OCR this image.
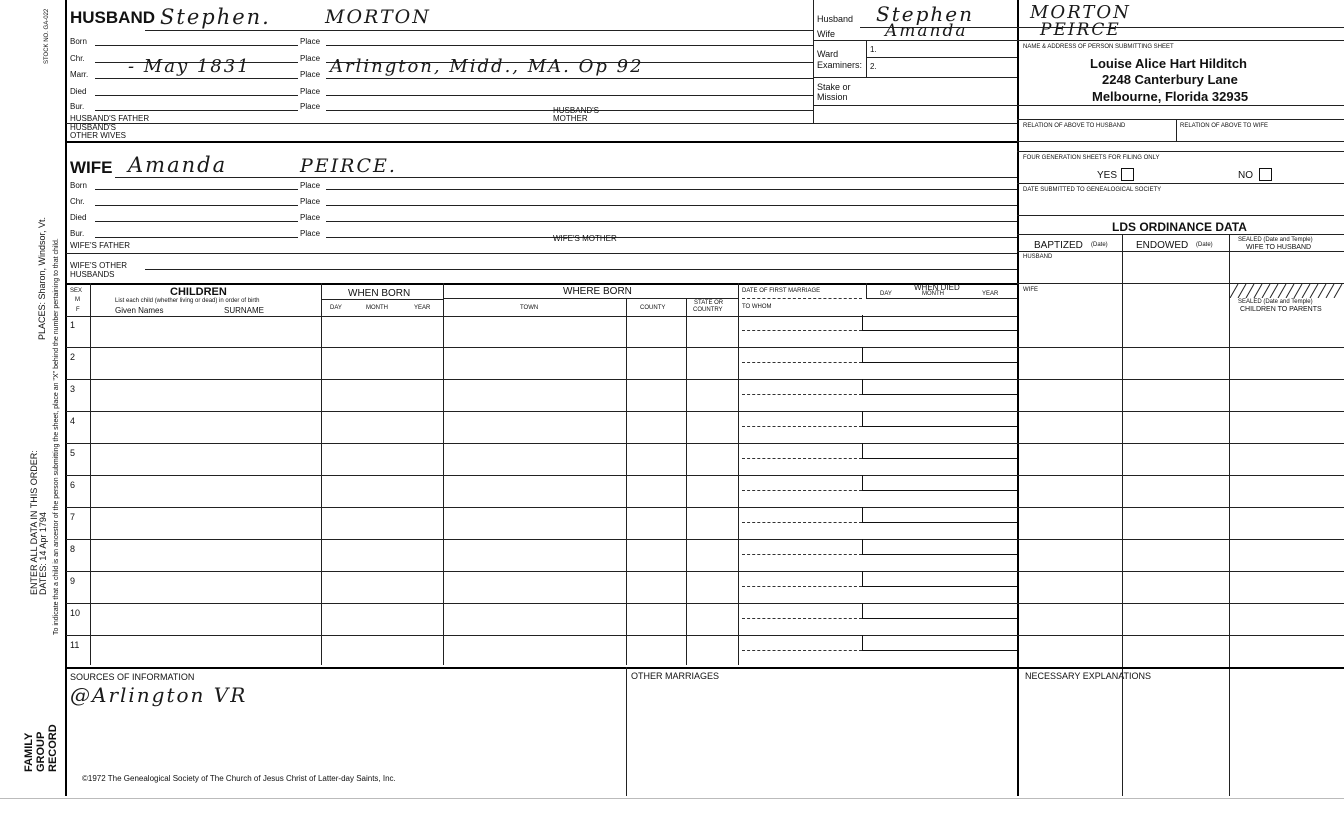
STOCK NO. GA-022
PLACES: Sharon, Windsor, Vt. To indicate that a child is an ancestor of the person submitting the sheet, place an "X" behind the number pertaining to that child.
ENTER ALL DATA IN THIS ORDER: DATES: 14 Apr 1794
FAMILY GROUP RECORD
HUSBAND Stephen.	MORTON
Born	Place
Chr.	Place
Marr. - May 1831	Place Arlington, Midd., MA. Op 92
Died	Place
Bur.	Place
HUSBAND'S FATHER
HUSBAND'S MOTHER
HUSBAND'S OTHER WIVES
WIFE Amanda	PEIRCE.
Born	Place
Chr.	Place
Died	Place
Bur.	Place
WIFE'S FATHER
WIFE'S MOTHER
WIFE'S OTHER HUSBANDS
Husband Stephen	MORTON
Wife	Amanda	PEIRCE
Ward
Examiners:
1.
2.
Stake or
Mission
NAME & ADDRESS OF PERSON SUBMITTING SHEET
Louise Alice Hart Hilditch
2248 Canterbury Lane
Melbourne, Florida 32935
RELATION OF ABOVE TO HUSBAND	RELATION OF ABOVE TO WIFE
FOUR GENERATION SHEETS FOR FILING ONLY
YES	NO
DATE SUBMITTED TO GENEALOGICAL SOCIETY
LDS ORDINANCE DATA
BAPTIZED (Date)	ENDOWED (Date)
SEALED (Date and Temple)
WIFE TO HUSBAND
HUSBAND
WIFE
SEALED (Date and Temple)
CHILDREN TO PARENTS
SEX
M
F
CHILDREN
List each child (whether living or dead) in order of birth
Given Names	SURNAME
WHEN BORN
DAY	MONTH	YEAR
WHERE BORN
TOWN	COUNTY
STATE OR
COUNTRY
DATE OF FIRST MARRIAGE
TO WHOM
WHEN DIED
DAY	MONTH	YEAR
1
2
3
4
5
6
7
8
9
10
11
SOURCES OF INFORMATION
@Arlington VR
OTHER MARRIAGES	NECESSARY EXPLANATIONS
©1972 The Genealogical Society of The Church of Jesus Christ of Latter-day Saints, Inc.
